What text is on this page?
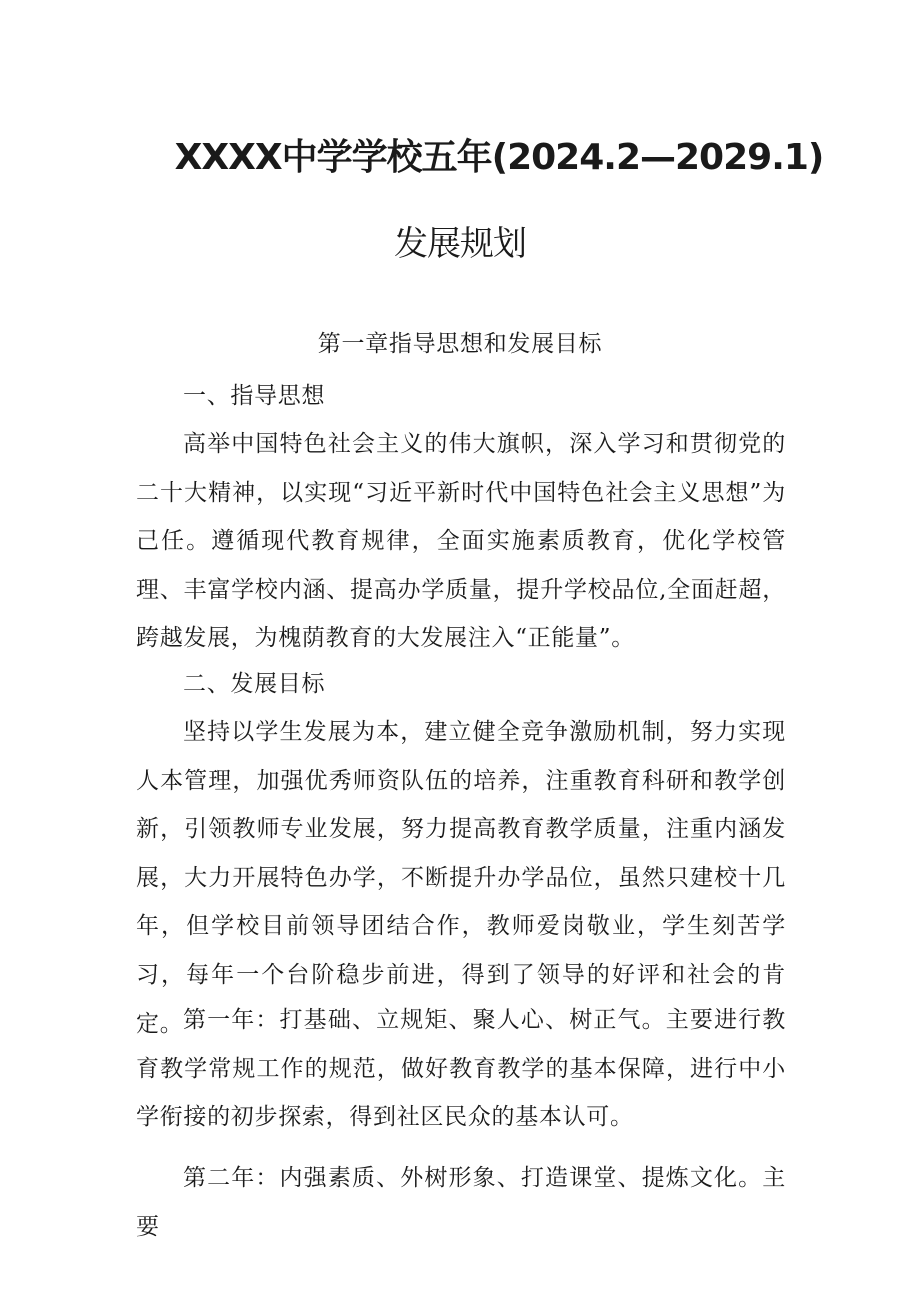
XXXX中学学校五年(2024.2—2029.1)
发展规划
第一章指导思想和发展目标

一、指导思想

高举中国特色社会主义的伟大旗帜，深入学习和贯彻党的二十大精神，以实现“习近平新时代中国特色社会主义思想”为己任。遵循现代教育规律，全面实施素质教育，优化学校管理、丰富学校内涵、提高办学质量，提升学校品位,全面赶超，跨越发展，为槐荫教育的大发展注入“正能量”。

二、发展目标

坚持以学生发展为本，建立健全竞争激励机制，努力实现人本管理，加强优秀师资队伍的培养，注重教育科研和教学创新，引领教师专业发展，努力提高教育教学质量，注重内涵发展，大力开展特色办学，不断提升办学品位，虽然只建校十几年，但学校目前领导团结合作，教师爱岗敬业，学生刻苦学习，每年一个台阶稳步前进，得到了领导的好评和社会的肯定。 第一年：打基础、立规矩、聚人心、树正气。主要进行教育教学常规工作的规范，做好教育教学的基本保障，进行中小学衔接的初步探索，得到社区民众的基本认可。

第二年：内强素质、外树形象、打造课堂、提炼文化。主要
